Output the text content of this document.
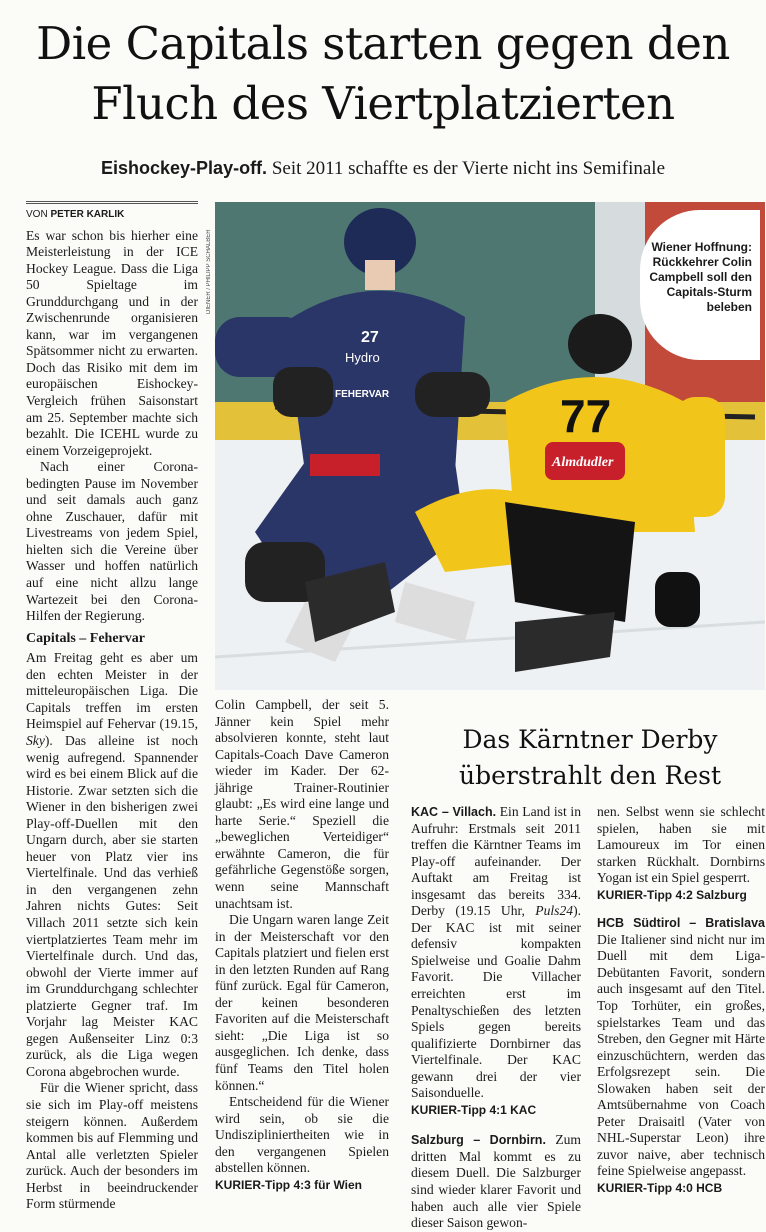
Die Capitals starten gegen den
Fluch des Viertplatzierten
Eishockey-Play-off. Seit 2011 schaffte es der Vierte nicht ins Semifinale
VON PETER KARLIK

Es war schon bis hierher eine Meisterleistung in der ICE Hockey League. Dass die Liga 50 Spieltage im Grunddurchgang und in der Zwischenrunde organisieren kann, war im vergangenen Spätsommer nicht zu erwarten. Doch das Risiko mit dem im europäischen Eishockey-Vergleich frühen Saisonstart am 25. September machte sich bezahlt. Die ICEHL wurde zu einem Vorzeigeprojekt.

Nach einer Corona-bedingten Pause im November und seit damals auch ganz ohne Zuschauer, dafür mit Livestreams von jedem Spiel, hielten sich die Vereine über Wasser und hoffen natürlich auf eine nicht allzu lange Wartezeit bei den Corona-Hilfen der Regierung.

Capitals – Fehervar

Am Freitag geht es aber um den echten Meister in der mitteleuropäischen Liga. Die Capitals treffen im ersten Heimspiel auf Fehervar (19.15, Sky). Das alleine ist noch wenig aufregend. Spannender wird es bei einem Blick auf die Historie. Zwar setzten sich die Wiener in den bisherigen zwei Play-off-Duellen mit den Ungarn durch, aber sie starten heuer von Platz vier ins Viertelfinale. Und das verhieß in den vergangenen zehn Jahren nichts Gutes: Seit Villach 2011 setzte sich kein viertplatziertes Team mehr im Viertelfinale durch. Und das, obwohl der Vierte immer auf im Grunddurchgang schlechter platzierte Gegner traf. Im Vorjahr lag Meister KAC gegen Außenseiter Linz 0:3 zurück, als die Liga wegen Corona abgebrochen wurde.

Für die Wiener spricht, dass sie sich im Play-off meistens steigern können. Außerdem kommen bis auf Flemming und Antal alle verletzten Spieler zurück. Auch der besonders im Herbst in beeindruckender Form stürmende

DIENER / PHILIPP SCHALBER
27
Hydro
FEHERVAR	77
Almdudler
Wiener Hoffnung: Rückkehrer Colin Campbell soll den Capitals-Sturm beleben

Colin Campbell, der seit 5. Jänner kein Spiel mehr absolvieren konnte, steht laut Capitals-Coach Dave Cameron wieder im Kader. Der 62-jährige Trainer-Routinier glaubt: „Es wird eine lange und harte Serie.“ Speziell die „beweglichen Verteidiger“ erwähnte Cameron, die für gefährliche Gegenstöße sorgen, wenn seine Mannschaft unachtsam ist.

Die Ungarn waren lange Zeit in der Meisterschaft vor den Capitals platziert und fielen erst in den letzten Runden auf Rang fünf zurück. Egal für Cameron, der keinen besonderen Favoriten auf die Meisterschaft sieht: „Die Liga ist so ausgeglichen. Ich denke, dass fünf Teams den Titel holen können.“

Entscheidend für die Wiener wird sein, ob sie die Undiszipliniertheiten wie in den vergangenen Spielen abstellen können.

KURIER-Tipp 4:3 für Wien
Das Kärntner Derby
überstrahlt den Rest

KAC – Villach. Ein Land ist in Aufruhr: Erstmals seit 2011 treffen die Kärntner Teams im Play-off aufeinander. Der Auftakt am Freitag ist insgesamt das bereits 334. Derby (19.15 Uhr, Puls24). Der KAC ist mit seiner defensiv kompakten Spielweise und Goalie Dahm Favorit. Die Villacher erreichten erst im Penaltyschießen des letzten Spiels gegen bereits qualifizierte Dornbirner das Viertelfinale. Der KAC gewann drei der vier Saisonduelle.

KURIER-Tipp 4:1 KAC

Salzburg – Dornbirn. Zum dritten Mal kommt es zu diesem Duell. Die Salzburger sind wieder klarer Favorit und haben auch alle vier Spiele dieser Saison gewon-

nen. Selbst wenn sie schlecht spielen, haben sie mit Lamoureux im Tor einen starken Rückhalt. Dornbirns Yogan ist ein Spiel gesperrt.

KURIER-Tipp 4:2 Salzburg

HCB Südtirol – Bratislava Die Italiener sind nicht nur im Duell mit dem Liga-Debütanten Favorit, sondern auch insgesamt auf den Titel. Top Torhüter, ein großes, spielstarkes Team und das Streben, den Gegner mit Härte einzuschüchtern, werden das Erfolgsrezept sein. Die Slowaken haben seit der Amtsübernahme von Coach Peter Draisaitl (Vater von NHL-Superstar Leon) ihre zuvor naive, aber technisch feine Spielweise angepasst.

KURIER-Tipp 4:0 HCB
